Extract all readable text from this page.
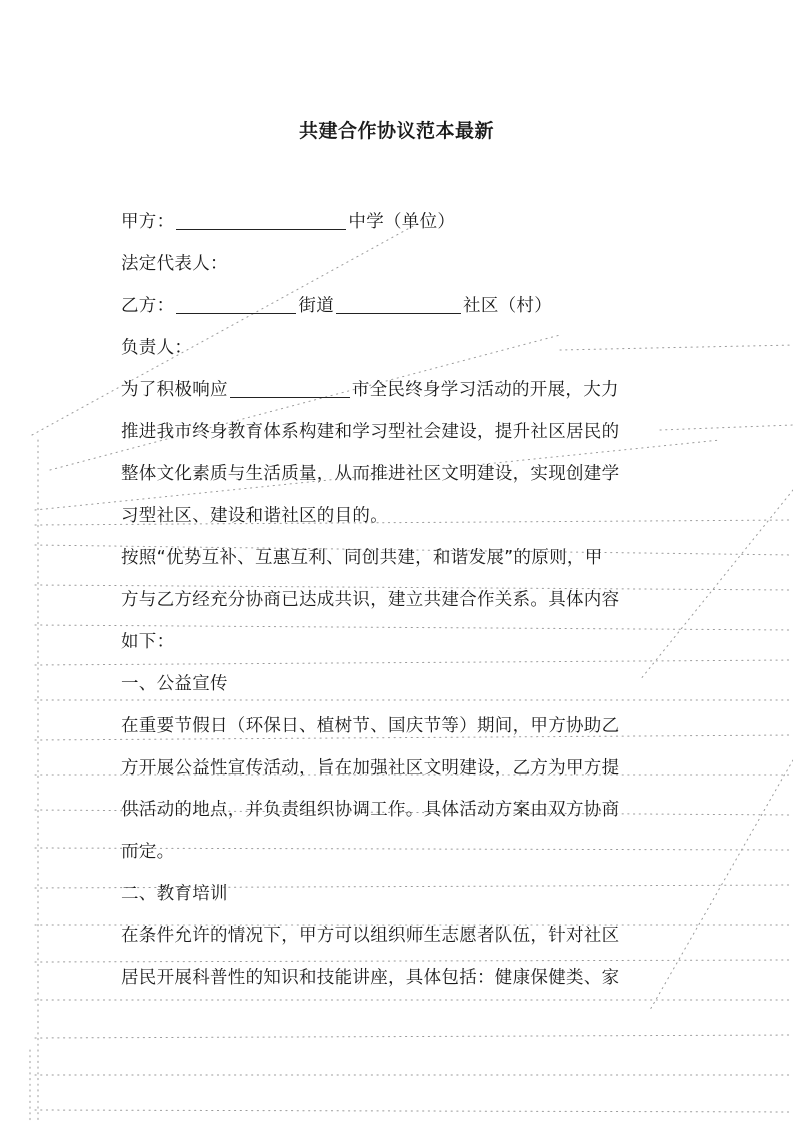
共建合作协议范本最新
甲方：	中学（单位）
法定代表人：
乙方：	街道	社区（村）
负责人：
为了积极响应	市全民终身学习活动的开展，大力
推进我市终身教育体系构建和学习型社会建设，提升社区居民的
整体文化素质与生活质量，从而推进社区文明建设，实现创建学
习型社区、建设和谐社区的目的。
按照“优势互补、互惠互利、同创共建，和谐发展”的原则，甲
方与乙方经充分协商已达成共识，建立共建合作关系。具体内容
如下：
一、公益宣传
在重要节假日（环保日、植树节、国庆节等）期间，甲方协助乙
方开展公益性宣传活动，旨在加强社区文明建设，乙方为甲方提
供活动的地点，并负责组织协调工作。具体活动方案由双方协商
而定。
二、教育培训
在条件允许的情况下，甲方可以组织师生志愿者队伍，针对社区
居民开展科普性的知识和技能讲座，具体包括：健康保健类、家
